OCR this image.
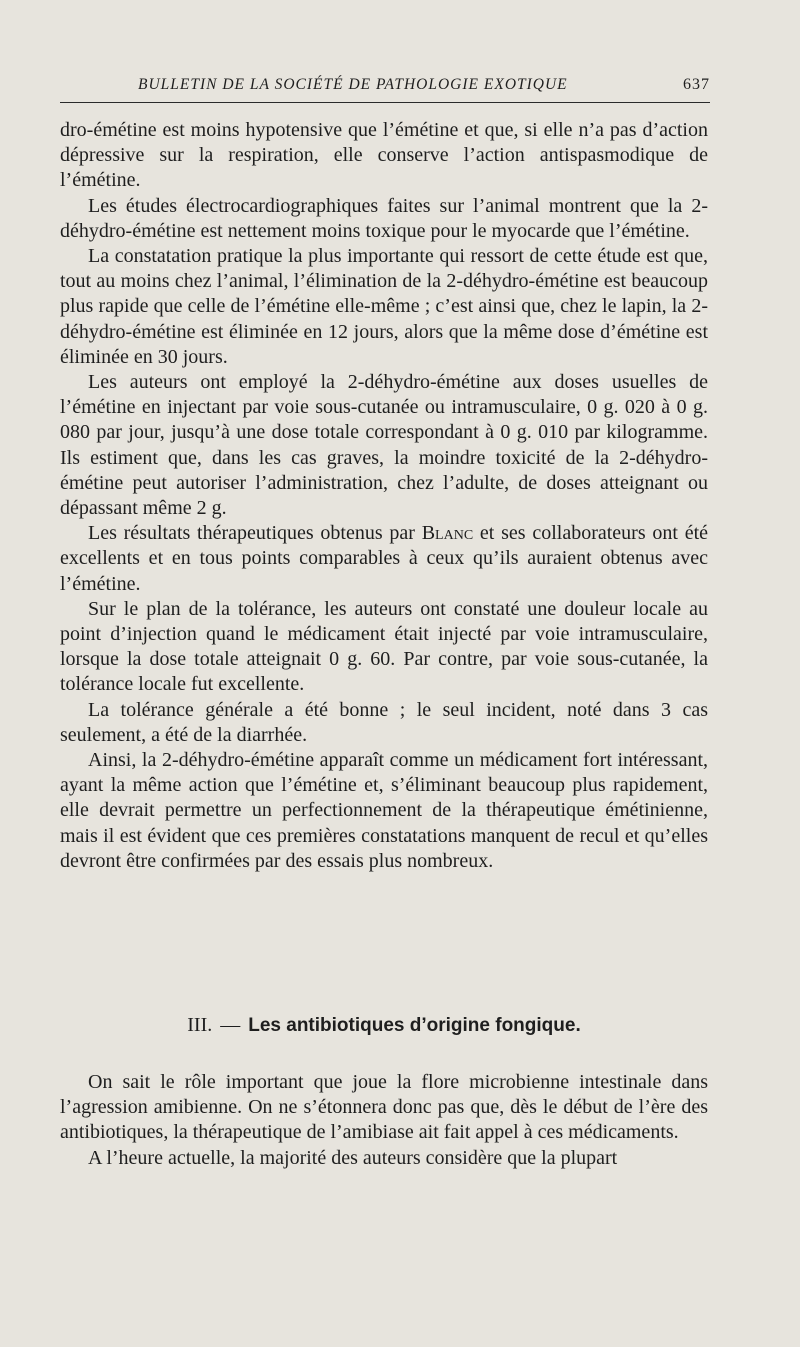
BULLETIN DE LA SOCIÉTÉ DE PATHOLOGIE EXOTIQUE	637

dro-émétine est moins hypotensive que l’émétine et que, si elle n’a pas d’action dépressive sur la respiration, elle conserve l’action antispasmodique de l’émétine.

Les études électrocardiographiques faites sur l’animal montrent que la 2-déhydro-émétine est nettement moins toxique pour le myocarde que l’émétine.

La constatation pratique la plus importante qui ressort de cette étude est que, tout au moins chez l’animal, l’élimination de la 2-déhydro-émétine est beaucoup plus rapide que celle de l’émétine elle-même ; c’est ainsi que, chez le lapin, la 2-déhydro-émétine est éliminée en 12 jours, alors que la même dose d’émétine est éliminée en 30 jours.

Les auteurs ont employé la 2-déhydro-émétine aux doses usuelles de l’émétine en injectant par voie sous-cutanée ou intramusculaire, 0 g. 020 à 0 g. 080 par jour, jusqu’à une dose totale correspondant à 0 g. 010 par kilogramme. Ils estiment que, dans les cas graves, la moindre toxicité de la 2-déhydro-émétine peut autoriser l’administration, chez l’adulte, de doses atteignant ou dépassant même 2 g.

Les résultats thérapeutiques obtenus par Blanc et ses collaborateurs ont été excellents et en tous points comparables à ceux qu’ils auraient obtenus avec l’émétine.

Sur le plan de la tolérance, les auteurs ont constaté une douleur locale au point d’injection quand le médicament était injecté par voie intramusculaire, lorsque la dose totale atteignait 0 g. 60. Par contre, par voie sous-cutanée, la tolérance locale fut excellente.

La tolérance générale a été bonne ; le seul incident, noté dans 3 cas seulement, a été de la diarrhée.

Ainsi, la 2-déhydro-émétine apparaît comme un médicament fort intéressant, ayant la même action que l’émétine et, s’éliminant beaucoup plus rapidement, elle devrait permettre un perfectionnement de la thérapeutique émétinienne, mais il est évident que ces premières constatations manquent de recul et qu’elles devront être confirmées par des essais plus nombreux.

III. — Les antibiotiques d’origine fongique.

On sait le rôle important que joue la flore microbienne intestinale dans l’agression amibienne. On ne s’étonnera donc pas que, dès le début de l’ère des antibiotiques, la thérapeutique de l’amibiase ait fait appel à ces médicaments.

A l’heure actuelle, la majorité des auteurs considère que la plupart
